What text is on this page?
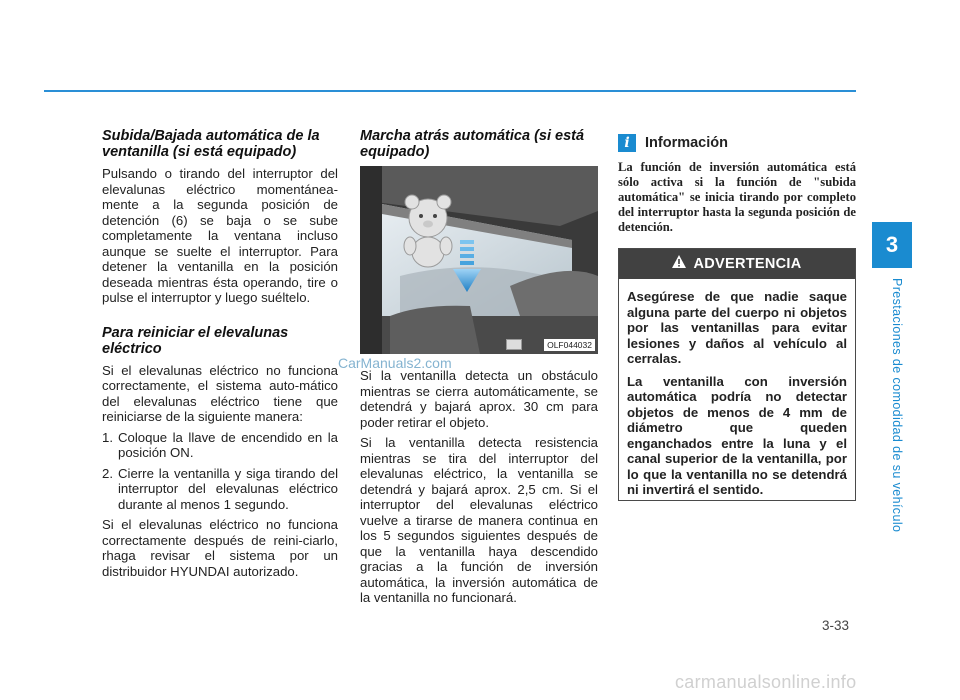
Subida/Bajada automática de la ventanilla (si está equipado)

Pulsando o tirando del interruptor del elevalunas eléctrico momentánea-mente a la segunda posición de detención (6) se baja o se sube completamente la ventana incluso aunque se suelte el interruptor. Para detener la ventanilla en la posición deseada mientras ésta operando, tire o pulse el interruptor y luego suéltelo.

Para reiniciar el elevalunas eléctrico

Si el elevalunas eléctrico no funciona correctamente, el sistema auto-mático del elevalunas eléctrico tiene que reiniciarse de la siguiente manera:

1. Coloque la llave de encendido en la posición ON.
2. Cierre la ventanilla y siga tirando del interruptor del elevalunas eléctrico durante al menos 1 segundo.

Si el elevalunas eléctrico no funciona correctamente después de reini-ciarlo, rhaga revisar el sistema por un distribuidor HYUNDAI autorizado.

Marcha atrás automática (si está equipado)
OLF044032

Si la ventanilla detecta un obstáculo mientras se cierra automáticamente, se detendrá y bajará aprox. 30 cm para poder retirar el objeto.

Si la ventanilla detecta resistencia mientras se tira del interruptor del elevalunas eléctrico, la ventanilla se detendrá y bajará aprox. 2,5 cm. Si el interruptor del elevalunas eléctrico vuelve a tirarse de manera continua en los 5 segundos siguientes después de que la ventanilla haya descendido gracias a la función de inversión automática, la inversión automática de la ventanilla no funcionará.

CarManuals2.com
i	Información

La función de inversión automática está sólo activa si la función de "subida automática" se inicia tirando por completo del interruptor hasta la segunda posición de detención.

ADVERTENCIA

Asegúrese de que nadie saque alguna parte del cuerpo ni objetos por las ventanillas para evitar lesiones y daños al vehículo al cerralas.

La ventanilla con inversión automática podría no detectar objetos de menos de 4 mm de diámetro que queden enganchados entre la luna y el canal superior de la ventanilla, por lo que la ventanilla no se detendrá ni invertirá el sentido.

3
Prestaciones de comodidad de su vehículo
3-33
carmanualsonline.info
